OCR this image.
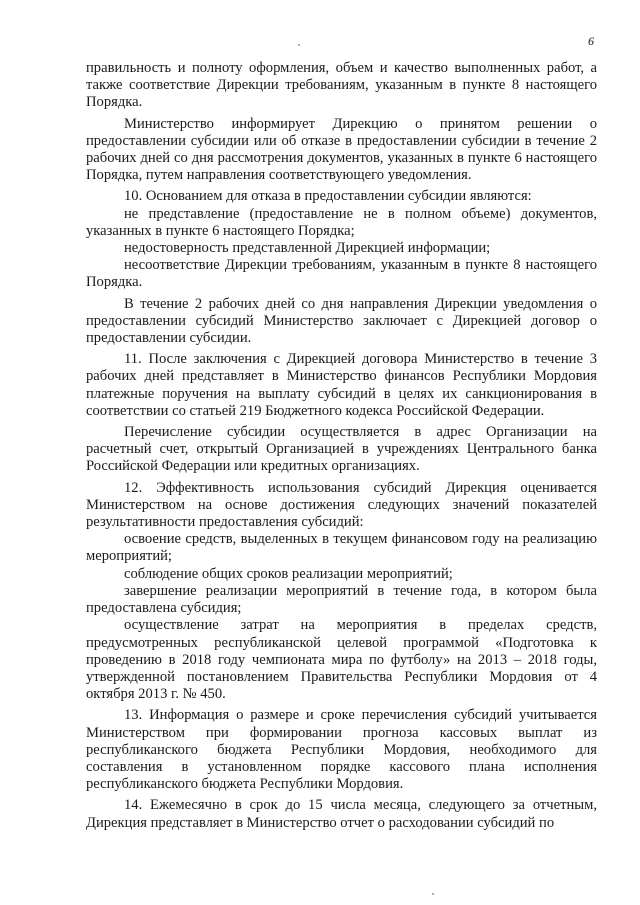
6

правильность и полноту оформления, объем и качество выполненных работ, а также соответствие Дирекции требованиям, указанным в пункте 8 настоящего Порядка.

Министерство информирует Дирекцию о принятом решении о предоставлении субсидии или об отказе в предоставлении субсидии в течение 2 рабочих дней со дня рассмотрения документов, указанных в пункте 6 настоящего Порядка, путем направления соответствующего уведомления.

10. Основанием для отказа в предоставлении субсидии являются:

не представление (предоставление не в полном объеме) документов, указанных в пункте 6 настоящего Порядка;

недостоверность представленной Дирекцией информации;

несоответствие Дирекции требованиям, указанным в пункте 8 настоящего Порядка.

В течение 2 рабочих дней со дня направления Дирекции уведомления о предоставлении субсидий Министерство заключает с Дирекцией договор о предоставлении субсидии.

11. После заключения с Дирекцией договора Министерство в течение 3 рабочих дней представляет в Министерство финансов Республики Мордовия платежные поручения на выплату субсидий в целях их санкционирования в соответствии со статьей 219 Бюджетного кодекса Российской Федерации.

Перечисление субсидии осуществляется в адрес Организации на расчетный счет, открытый Организацией в учреждениях Центрального банка Российской Федерации или кредитных организациях.

12. Эффективность использования субсидий Дирекция оценивается Министерством на основе достижения следующих значений показателей результативности предоставления субсидий:

освоение средств, выделенных в текущем финансовом году на реализацию мероприятий;

соблюдение общих сроков реализации мероприятий;

завершение реализации мероприятий в течение года, в котором была предоставлена субсидия;

осуществление затрат на мероприятия в пределах средств, предусмотренных республиканской целевой программой «Подготовка к проведению в 2018 году чемпионата мира по футболу» на 2013 – 2018 годы, утвержденной постановлением Правительства Республики Мордовия от 4 октября 2013 г. № 450.

13. Информация о размере и сроке перечисления субсидий учитывается Министерством при формировании прогноза кассовых выплат из республиканского бюджета Республики Мордовия, необходимого для составления в установленном порядке кассового плана исполнения республиканского бюджета Республики Мордовия.

14. Ежемесячно в срок до 15 числа месяца, следующего за отчетным, Дирекция представляет в Министерство отчет о расходовании субсидий по
